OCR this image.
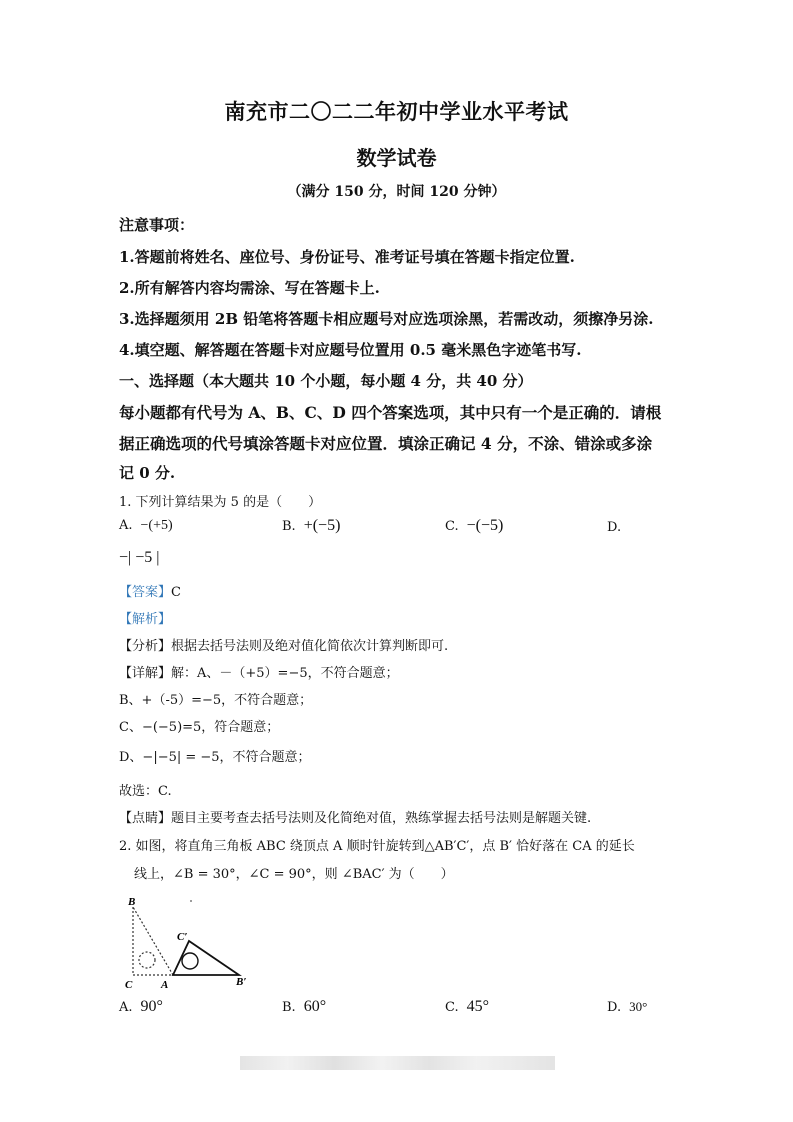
南充市二〇二二年初中学业水平考试
数学试卷
（满分 150 分，时间 120 分钟）
注意事项：
1.答题前将姓名、座位号、身份证号、准考证号填在答题卡指定位置.
2.所有解答内容均需涂、写在答题卡上.
3.选择题须用 2B 铅笔将答题卡相应题号对应选项涂黑，若需改动，须擦净另涂.
4.填空题、解答题在答题卡对应题号位置用 0.5 毫米黑色字迹笔书写.
一、选择题（本大题共 10 个小题，每小题 4 分，共 40 分）
每小题都有代号为 A、B、C、D 四个答案选项，其中只有一个是正确的．请根
据正确选项的代号填涂答题卡对应位置．填涂正确记 4 分，不涂、错涂或多涂
记 0 分.
1. 下列计算结果为 5 的是（　　）
A. −(+5)	B. +(−5)	C. −(−5)	D.
−| −5 |
【答案】C
【解析】
【分析】根据去括号法则及绝对值化简依次计算判断即可.
【详解】解：A、－（+5）=−5，不符合题意；
B、+（-5）=−5，不符合题意；
C、−(−5)=5，符合题意；
D、−|−5| = −5，不符合题意；
故选：C.
【点睛】题目主要考查去括号法则及化简绝对值，熟练掌握去括号法则是解题关键.
2. 如图，将直角三角板 ABC 绕顶点 A 顺时针旋转到△AB′C′，点 B′ 恰好落在 CA 的延长
线上，∠B = 30°，∠C = 90°，则 ∠BAC′ 为（　　）
B
C′
C	A	B′
A. 90°	B. 60°	C. 45°	D. 30°
